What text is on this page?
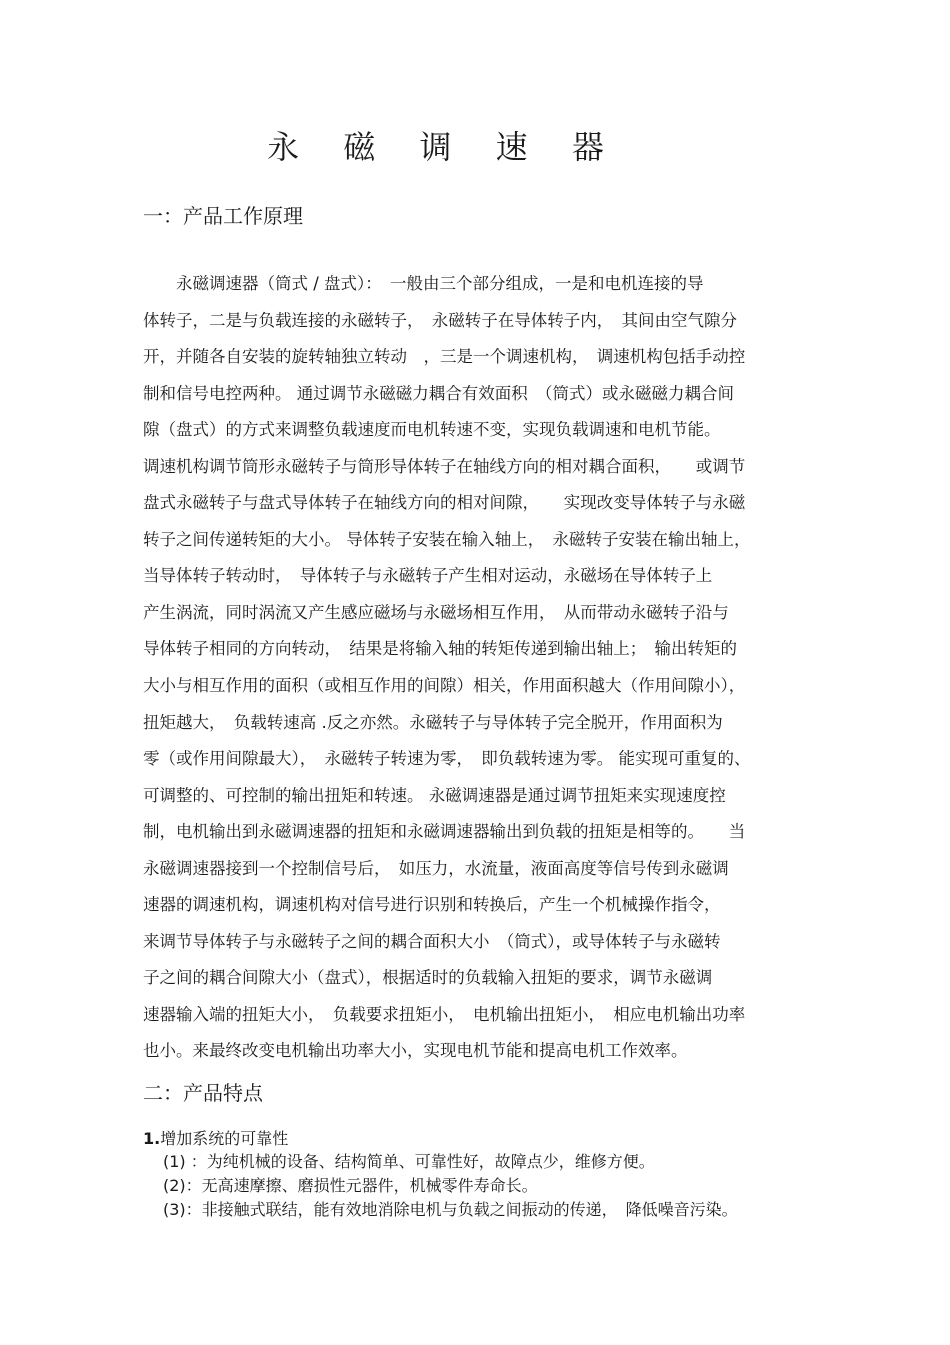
永 磁 调 速 器
一：产品工作原理
　　永磁调速器（筒式 / 盘式）：　一般由三个部分组成，一是和电机连接的导
体转子，二是与负载连接的永磁转子，　永磁转子在导体转子内，　其间由空气隙分
开，并随各自安装的旋转轴独立转动　，三是一个调速机构，　调速机构包括手动控
制和信号电控两种。 通过调节永磁磁力耦合有效面积　（筒式）或永磁磁力耦合间
隙（盘式）的方式来调整负载速度而电机转速不变，实现负载调速和电机节能。
调速机构调节筒形永磁转子与筒形导体转子在轴线方向的相对耦合面积，　　或调节
盘式永磁转子与盘式导体转子在轴线方向的相对间隙，　　实现改变导体转子与永磁
转子之间传递转矩的大小。 导体转子安装在输入轴上，　永磁转子安装在输出轴上，
当导体转子转动时，　导体转子与永磁转子产生相对运动，永磁场在导体转子上
产生涡流，同时涡流又产生感应磁场与永磁场相互作用，　从而带动永磁转子沿与
导体转子相同的方向转动，　结果是将输入轴的转矩传递到输出轴上；　输出转矩的
大小与相互作用的面积（或相互作用的间隙）相关，作用面积越大（作用间隙小），
扭矩越大，　负载转速高 .反之亦然。永磁转子与导体转子完全脱开，作用面积为
零（或作用间隙最大），　永磁转子转速为零，　即负载转速为零。 能实现可重复的、
可调整的、可控制的输出扭矩和转速。 永磁调速器是通过调节扭矩来实现速度控
制，电机输出到永磁调速器的扭矩和永磁调速器输出到负载的扭矩是相等的。　　当
永磁调速器接到一个控制信号后，　如压力，水流量，液面高度等信号传到永磁调
速器的调速机构，调速机构对信号进行识别和转换后，产生一个机械操作指令，
来调节导体转子与永磁转子之间的耦合面积大小　（筒式），或导体转子与永磁转
子之间的耦合间隙大小（盘式），根据适时的负载输入扭矩的要求，调节永磁调
速器输入端的扭矩大小，　负载要求扭矩小，　电机输出扭矩小，　相应电机输出功率
也小。来最终改变电机输出功率大小，实现电机节能和提高电机工作效率。
二：产品特点
1.增加系统的可靠性
(1) ：为纯机械的设备、结构简单、可靠性好，故障点少，维修方便。
(2)：无高速摩擦、磨损性元器件，机械零件寿命长。
(3)：非接触式联结，能有效地消除电机与负载之间振动的传递，　降低噪音污染。
